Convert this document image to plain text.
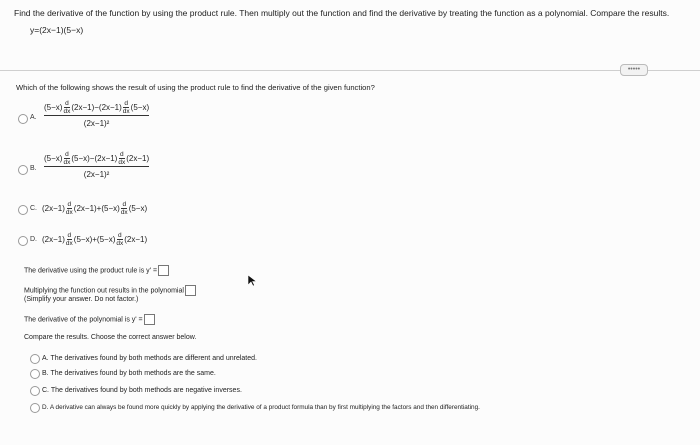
Find the derivative of the function by using the product rule. Then multiply out the function and find the derivative by treating the function as a polynomial. Compare the results.
y=(2x−1)(5−x)
•••••
Which of the following shows the result of using the product rule to find the derivative of the given function?
A.
(5−x) d
dx (2x−1)−(2x−1) d
dx (5−x)
(2x−1)²
B.
(5−x) d
dx (5−x)−(2x−1) d
dx (2x−1)
(2x−1)²
C. (2x−1) d
dx (2x−1)+(5−x) d
dx (5−x)
D. (2x−1) d
dx (5−x)+(5−x) d
dx (2x−1)
The derivative using the product rule is y' =
Multiplying the function out results in the polynomial
(Simplify your answer. Do not factor.)
The derivative of the polynomial is y' =
Compare the results. Choose the correct answer below.
A. The derivatives found by both methods are different and unrelated.
B. The derivatives found by both methods are the same.
C. The derivatives found by both methods are negative inverses.
D. A derivative can always be found more quickly by applying the derivative of a product formula than by first multiplying the factors and then differentiating.
